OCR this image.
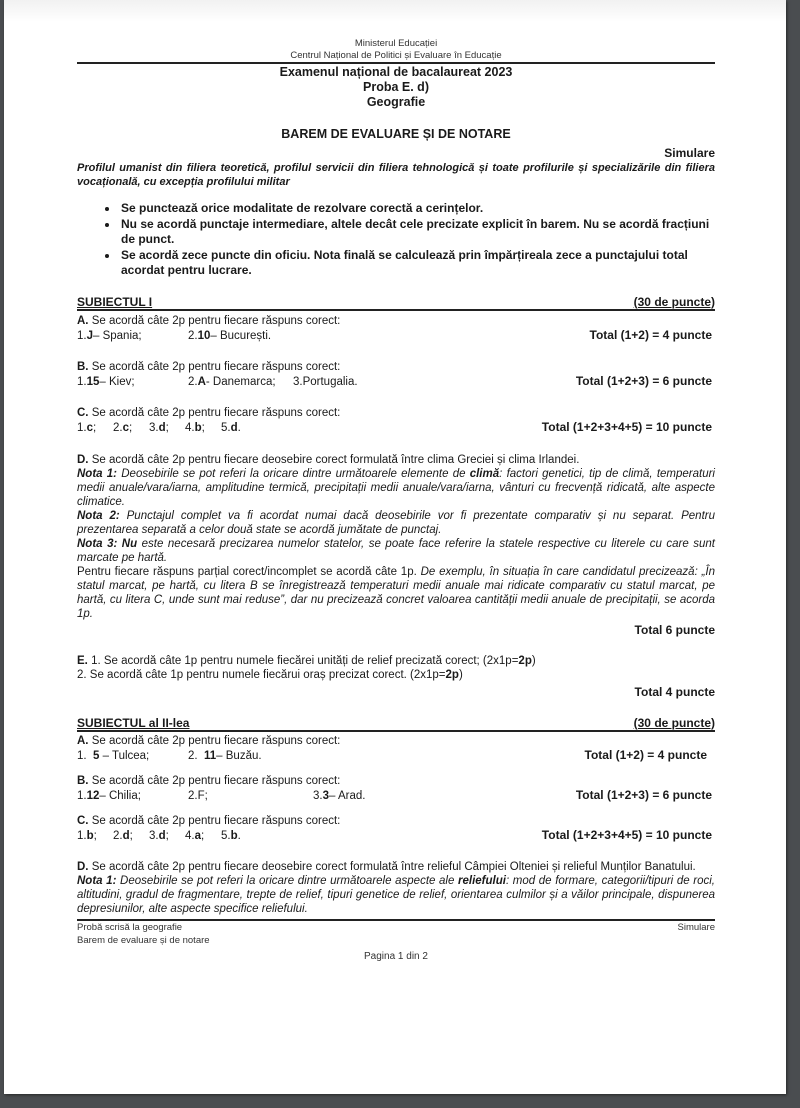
Ministerul Educației
Centrul Național de Politici și Evaluare în Educație
Examenul național de bacalaureat 2023
Proba E. d)
Geografie
BAREM DE EVALUARE ȘI DE NOTARE
Simulare
Profilul umanist din filiera teoretică, profilul servicii din filiera tehnologică și toate profilurile și specializările din filiera vocațională, cu excepția profilului militar
• Se punctează orice modalitate de rezolvare corectă a cerințelor.
• Nu se acordă punctaje intermediare, altele decât cele precizate explicit în barem. Nu se acordă fracțiuni de punct.
• Se acordă zece puncte din oficiu. Nota finală se calculează prin împărțireala zece a punctajului total acordat pentru lucrare.
SUBIECTUL I	(30 de puncte)
A. Se acordă câte 2p pentru fiecare răspuns corect:
1.J– Spania;	2.10– București.	Total (1+2) = 4 puncte
B. Se acordă câte 2p pentru fiecare răspuns corect:
1.15– Kiev;	2.A- Danemarca; 3.Portugalia.	Total (1+2+3) = 6 puncte
C. Se acordă câte 2p pentru fiecare răspuns corect:
1.c; 2.c; 3.d; 4.b; 5.d.	Total (1+2+3+4+5) = 10 puncte
D. Se acordă câte 2p pentru fiecare deosebire corect formulată între clima Greciei și clima Irlandei.
Nota 1: Deosebirile se pot referi la oricare dintre următoarele elemente de climă: factori genetici, tip de climă, temperaturi medii anuale/vara/iarna, amplitudine termică, precipitații medii anuale/vara/iarna, vânturi cu frecvență ridicată, alte aspecte climatice.
Nota 2: Punctajul complet va fi acordat numai dacă deosebirile vor fi prezentate comparativ și nu separat. Pentru prezentarea separată a celor două state se acordă jumătate de punctaj.
Nota 3: Nu este necesară precizarea numelor statelor, se poate face referire la statele respective cu literele cu care sunt marcate pe hartă.
Pentru fiecare răspuns parțial corect/incomplet se acordă câte 1p. De exemplu, în situația în care candidatul precizează: „În statul marcat, pe hartă, cu litera B se înregistrează temperaturi medii anuale mai ridicate comparativ cu statul marcat, pe hartă, cu litera C, unde sunt mai reduse”, dar nu precizează concret valoarea cantității medii anuale de precipitații, se acorda 1p.
Total 6 puncte
E. 1. Se acordă câte 1p pentru numele fiecărei unități de relief precizată corect; (2x1p=2p)
2. Se acordă câte 1p pentru numele fiecărui oraș precizat corect. (2x1p=2p)
Total 4 puncte
SUBIECTUL al II-lea	(30 de puncte)
A. Se acordă câte 2p pentru fiecare răspuns corect:
1.  5 – Tulcea;	2.  11– Buzău.	Total (1+2) = 4 puncte
B. Se acordă câte 2p pentru fiecare răspuns corect:
1.12– Chilia;	2.F;	3.3– Arad.	Total (1+2+3) = 6 puncte
C. Se acordă câte 2p pentru fiecare răspuns corect:
1.b; 2.d; 3.d; 4.a; 5.b.	Total (1+2+3+4+5) = 10 puncte
D. Se acordă câte 2p pentru fiecare deosebire corect formulată între relieful Câmpiei Olteniei și relieful Munților Banatului.
Nota 1: Deosebirile se pot referi la oricare dintre următoarele aspecte ale reliefului: mod de formare, categorii/tipuri de roci, altitudini, gradul de fragmentare, trepte de relief, tipuri genetice de relief, orientarea culmilor și a văilor principale, dispunerea depresiunilor, alte aspecte specifice reliefului.
Probă scrisă la geografie	Simulare
Barem de evaluare și de notare
Pagina 1 din 2
